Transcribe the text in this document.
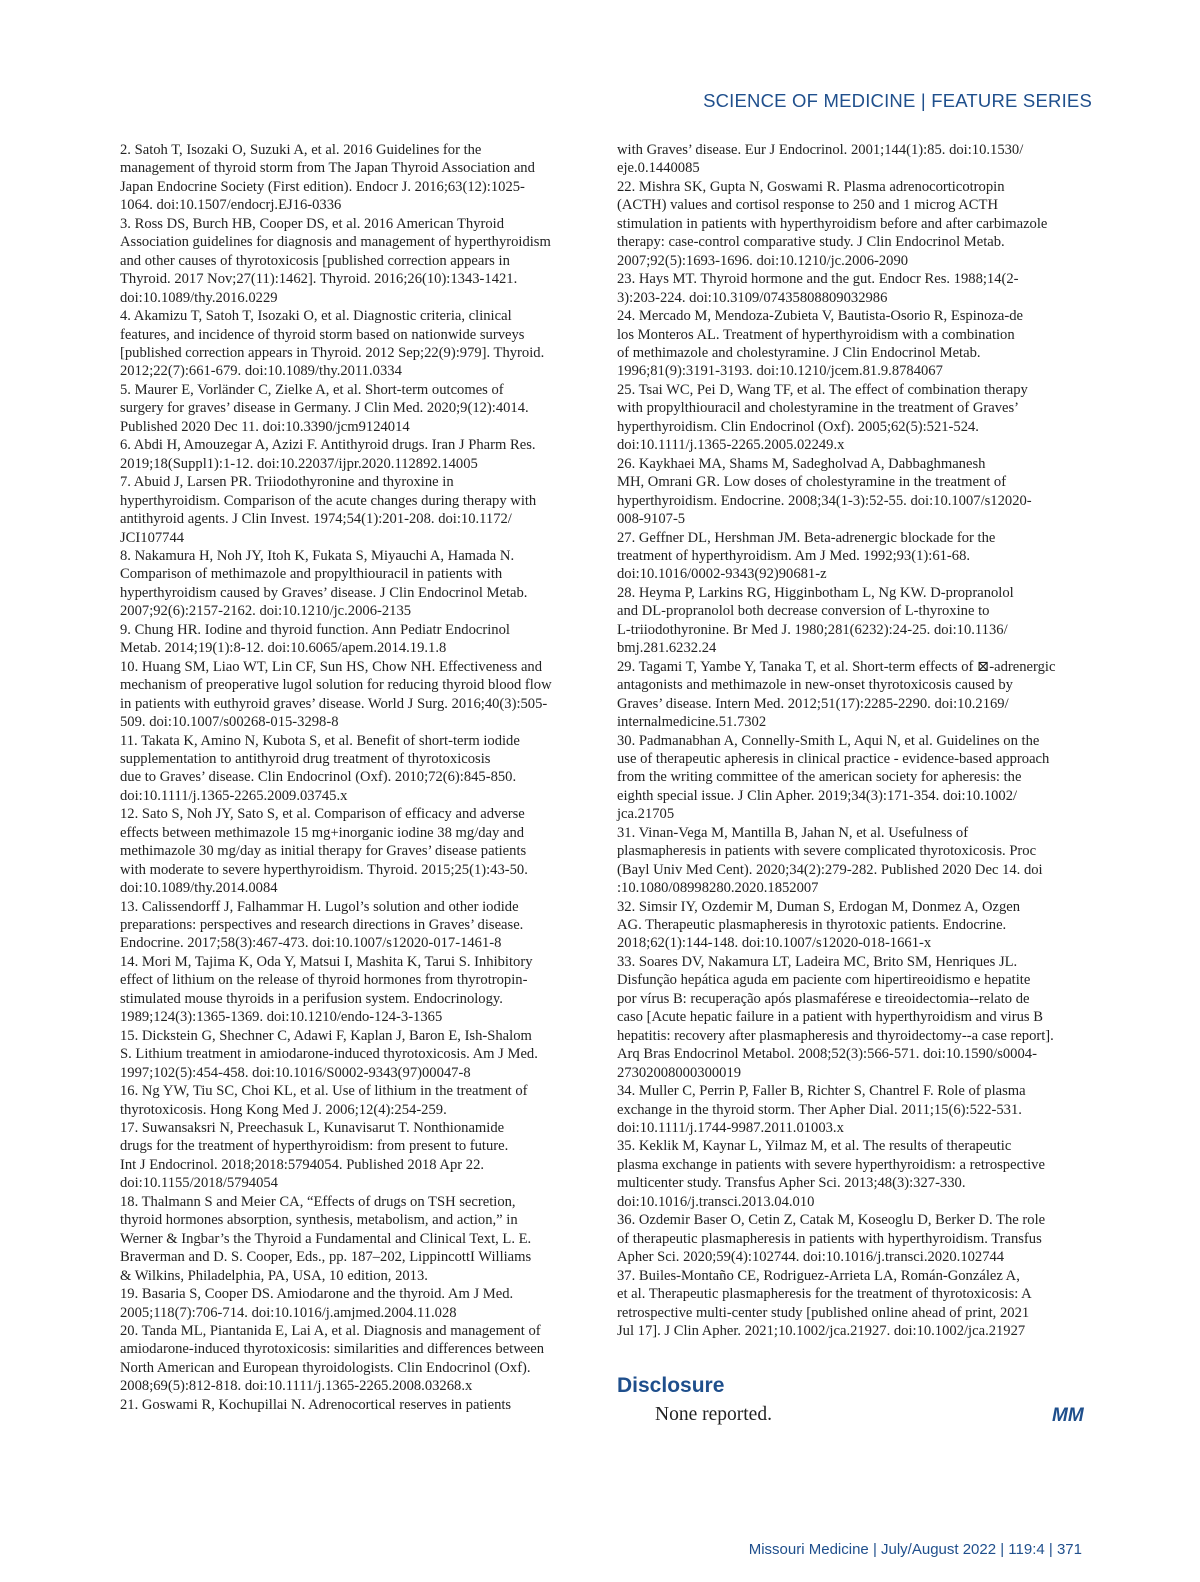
SCIENCE OF MEDICINE | FEATURE SERIES
2. Satoh T, Isozaki O, Suzuki A, et al. 2016 Guidelines for the
management of thyroid storm from The Japan Thyroid Association and
Japan Endocrine Society (First edition). Endocr J. 2016;63(12):1025-
1064. doi:10.1507/endocrj.EJ16-0336
3. Ross DS, Burch HB, Cooper DS, et al. 2016 American Thyroid
Association guidelines for diagnosis and management of hyperthyroidism
and other causes of thyrotoxicosis [published correction appears in
Thyroid. 2017 Nov;27(11):1462]. Thyroid. 2016;26(10):1343-1421.
doi:10.1089/thy.2016.0229
4. Akamizu T, Satoh T, Isozaki O, et al. Diagnostic criteria, clinical
features, and incidence of thyroid storm based on nationwide surveys
[published correction appears in Thyroid. 2012 Sep;22(9):979]. Thyroid.
2012;22(7):661-679. doi:10.1089/thy.2011.0334
5. Maurer E, Vorländer C, Zielke A, et al. Short-term outcomes of
surgery for graves’ disease in Germany. J Clin Med. 2020;9(12):4014.
Published 2020 Dec 11. doi:10.3390/jcm9124014
6. Abdi H, Amouzegar A, Azizi F. Antithyroid drugs. Iran J Pharm Res.
2019;18(Suppl1):1-12. doi:10.22037/ijpr.2020.112892.14005
7. Abuid J, Larsen PR. Triiodothyronine and thyroxine in
hyperthyroidism. Comparison of the acute changes during therapy with
antithyroid agents. J Clin Invest. 1974;54(1):201-208. doi:10.1172/
JCI107744
8. Nakamura H, Noh JY, Itoh K, Fukata S, Miyauchi A, Hamada N.
Comparison of methimazole and propylthiouracil in patients with
hyperthyroidism caused by Graves’ disease. J Clin Endocrinol Metab.
2007;92(6):2157-2162. doi:10.1210/jc.2006-2135
9. Chung HR. Iodine and thyroid function. Ann Pediatr Endocrinol
Metab. 2014;19(1):8-12. doi:10.6065/apem.2014.19.1.8
10. Huang SM, Liao WT, Lin CF, Sun HS, Chow NH. Effectiveness and
mechanism of preoperative lugol solution for reducing thyroid blood flow
in patients with euthyroid graves’ disease. World J Surg. 2016;40(3):505-
509. doi:10.1007/s00268-015-3298-8
11. Takata K, Amino N, Kubota S, et al. Benefit of short-term iodide
supplementation to antithyroid drug treatment of thyrotoxicosis
due to Graves’ disease. Clin Endocrinol (Oxf). 2010;72(6):845-850.
doi:10.1111/j.1365-2265.2009.03745.x
12. Sato S, Noh JY, Sato S, et al. Comparison of efficacy and adverse
effects between methimazole 15 mg+inorganic iodine 38 mg/day and
methimazole 30 mg/day as initial therapy for Graves’ disease patients
with moderate to severe hyperthyroidism. Thyroid. 2015;25(1):43-50.
doi:10.1089/thy.2014.0084
13. Calissendorff J, Falhammar H. Lugol’s solution and other iodide
preparations: perspectives and research directions in Graves’ disease.
Endocrine. 2017;58(3):467-473. doi:10.1007/s12020-017-1461-8
14. Mori M, Tajima K, Oda Y, Matsui I, Mashita K, Tarui S. Inhibitory
effect of lithium on the release of thyroid hormones from thyrotropin-
stimulated mouse thyroids in a perifusion system. Endocrinology.
1989;124(3):1365-1369. doi:10.1210/endo-124-3-1365
15. Dickstein G, Shechner C, Adawi F, Kaplan J, Baron E, Ish-Shalom
S. Lithium treatment in amiodarone-induced thyrotoxicosis. Am J Med.
1997;102(5):454-458. doi:10.1016/S0002-9343(97)00047-8
16. Ng YW, Tiu SC, Choi KL, et al. Use of lithium in the treatment of
thyrotoxicosis. Hong Kong Med J. 2006;12(4):254-259.
17. Suwansaksri N, Preechasuk L, Kunavisarut T. Nonthionamide
drugs for the treatment of hyperthyroidism: from present to future.
Int J Endocrinol. 2018;2018:5794054. Published 2018 Apr 22.
doi:10.1155/2018/5794054
18. Thalmann S and Meier CA, “Effects of drugs on TSH secretion,
thyroid hormones absorption, synthesis, metabolism, and action,” in
Werner & Ingbar’s the Thyroid a Fundamental and Clinical Text, L. E.
Braverman and D. S. Cooper, Eds., pp. 187–202, LippincottI Williams
& Wilkins, Philadelphia, PA, USA, 10 edition, 2013.
19. Basaria S, Cooper DS. Amiodarone and the thyroid. Am J Med.
2005;118(7):706-714. doi:10.1016/j.amjmed.2004.11.028
20. Tanda ML, Piantanida E, Lai A, et al. Diagnosis and management of
amiodarone-induced thyrotoxicosis: similarities and differences between
North American and European thyroidologists. Clin Endocrinol (Oxf).
2008;69(5):812-818. doi:10.1111/j.1365-2265.2008.03268.x
21. Goswami R, Kochupillai N. Adrenocortical reserves in patients
with Graves’ disease. Eur J Endocrinol. 2001;144(1):85. doi:10.1530/
eje.0.1440085
22. Mishra SK, Gupta N, Goswami R. Plasma adrenocorticotropin
(ACTH) values and cortisol response to 250 and 1 microg ACTH
stimulation in patients with hyperthyroidism before and after carbimazole
therapy: case-control comparative study. J Clin Endocrinol Metab.
2007;92(5):1693-1696. doi:10.1210/jc.2006-2090
23. Hays MT. Thyroid hormone and the gut. Endocr Res. 1988;14(2-
3):203-224. doi:10.3109/07435808809032986
24. Mercado M, Mendoza-Zubieta V, Bautista-Osorio R, Espinoza-de
los Monteros AL. Treatment of hyperthyroidism with a combination
of methimazole and cholestyramine. J Clin Endocrinol Metab.
1996;81(9):3191-3193. doi:10.1210/jcem.81.9.8784067
25. Tsai WC, Pei D, Wang TF, et al. The effect of combination therapy
with propylthiouracil and cholestyramine in the treatment of Graves’
hyperthyroidism. Clin Endocrinol (Oxf). 2005;62(5):521-524.
doi:10.1111/j.1365-2265.2005.02249.x
26. Kaykhaei MA, Shams M, Sadegholvad A, Dabbaghmanesh
MH, Omrani GR. Low doses of cholestyramine in the treatment of
hyperthyroidism. Endocrine. 2008;34(1-3):52-55. doi:10.1007/s12020-
008-9107-5
27. Geffner DL, Hershman JM. Beta-adrenergic blockade for the
treatment of hyperthyroidism. Am J Med. 1992;93(1):61-68.
doi:10.1016/0002-9343(92)90681-z
28. Heyma P, Larkins RG, Higginbotham L, Ng KW. D-propranolol
and DL-propranolol both decrease conversion of L-thyroxine to
L-triiodothyronine. Br Med J. 1980;281(6232):24-25. doi:10.1136/
bmj.281.6232.24
29. Tagami T, Yambe Y, Tanaka T, et al. Short-term effects of ⊠-adrenergic
antagonists and methimazole in new-onset thyrotoxicosis caused by
Graves’ disease. Intern Med. 2012;51(17):2285-2290. doi:10.2169/
internalmedicine.51.7302
30. Padmanabhan A, Connelly-Smith L, Aqui N, et al. Guidelines on the
use of therapeutic apheresis in clinical practice - evidence-based approach
from the writing committee of the american society for apheresis: the
eighth special issue. J Clin Apher. 2019;34(3):171-354. doi:10.1002/
jca.21705
31. Vinan-Vega M, Mantilla B, Jahan N, et al. Usefulness of
plasmapheresis in patients with severe complicated thyrotoxicosis. Proc
(Bayl Univ Med Cent). 2020;34(2):279-282. Published 2020 Dec 14. doi
:10.1080/08998280.2020.1852007
32. Simsir IY, Ozdemir M, Duman S, Erdogan M, Donmez A, Ozgen
AG. Therapeutic plasmapheresis in thyrotoxic patients. Endocrine.
2018;62(1):144-148. doi:10.1007/s12020-018-1661-x
33. Soares DV, Nakamura LT, Ladeira MC, Brito SM, Henriques JL.
Disfunção hepática aguda em paciente com hipertireoidismo e hepatite
por vírus B: recuperação após plasmaférese e tireoidectomia--relato de
caso [Acute hepatic failure in a patient with hyperthyroidism and virus B
hepatitis: recovery after plasmapheresis and thyroidectomy--a case report].
Arq Bras Endocrinol Metabol. 2008;52(3):566-571. doi:10.1590/s0004-
27302008000300019
34. Muller C, Perrin P, Faller B, Richter S, Chantrel F. Role of plasma
exchange in the thyroid storm. Ther Apher Dial. 2011;15(6):522-531.
doi:10.1111/j.1744-9987.2011.01003.x
35. Keklik M, Kaynar L, Yilmaz M, et al. The results of therapeutic
plasma exchange in patients with severe hyperthyroidism: a retrospective
multicenter study. Transfus Apher Sci. 2013;48(3):327-330.
doi:10.1016/j.transci.2013.04.010
36. Ozdemir Baser O, Cetin Z, Catak M, Koseoglu D, Berker D. The role
of therapeutic plasmapheresis in patients with hyperthyroidism. Transfus
Apher Sci. 2020;59(4):102744. doi:10.1016/j.transci.2020.102744
37. Builes-Montaño CE, Rodriguez-Arrieta LA, Román-González A,
et al. Therapeutic plasmapheresis for the treatment of thyrotoxicosis: A
retrospective multi-center study [published online ahead of print, 2021
Jul 17]. J Clin Apher. 2021;10.1002/jca.21927. doi:10.1002/jca.21927
Disclosure
None reported.	MM
Missouri Medicine | July/August 2022 | 119:4 | 371
